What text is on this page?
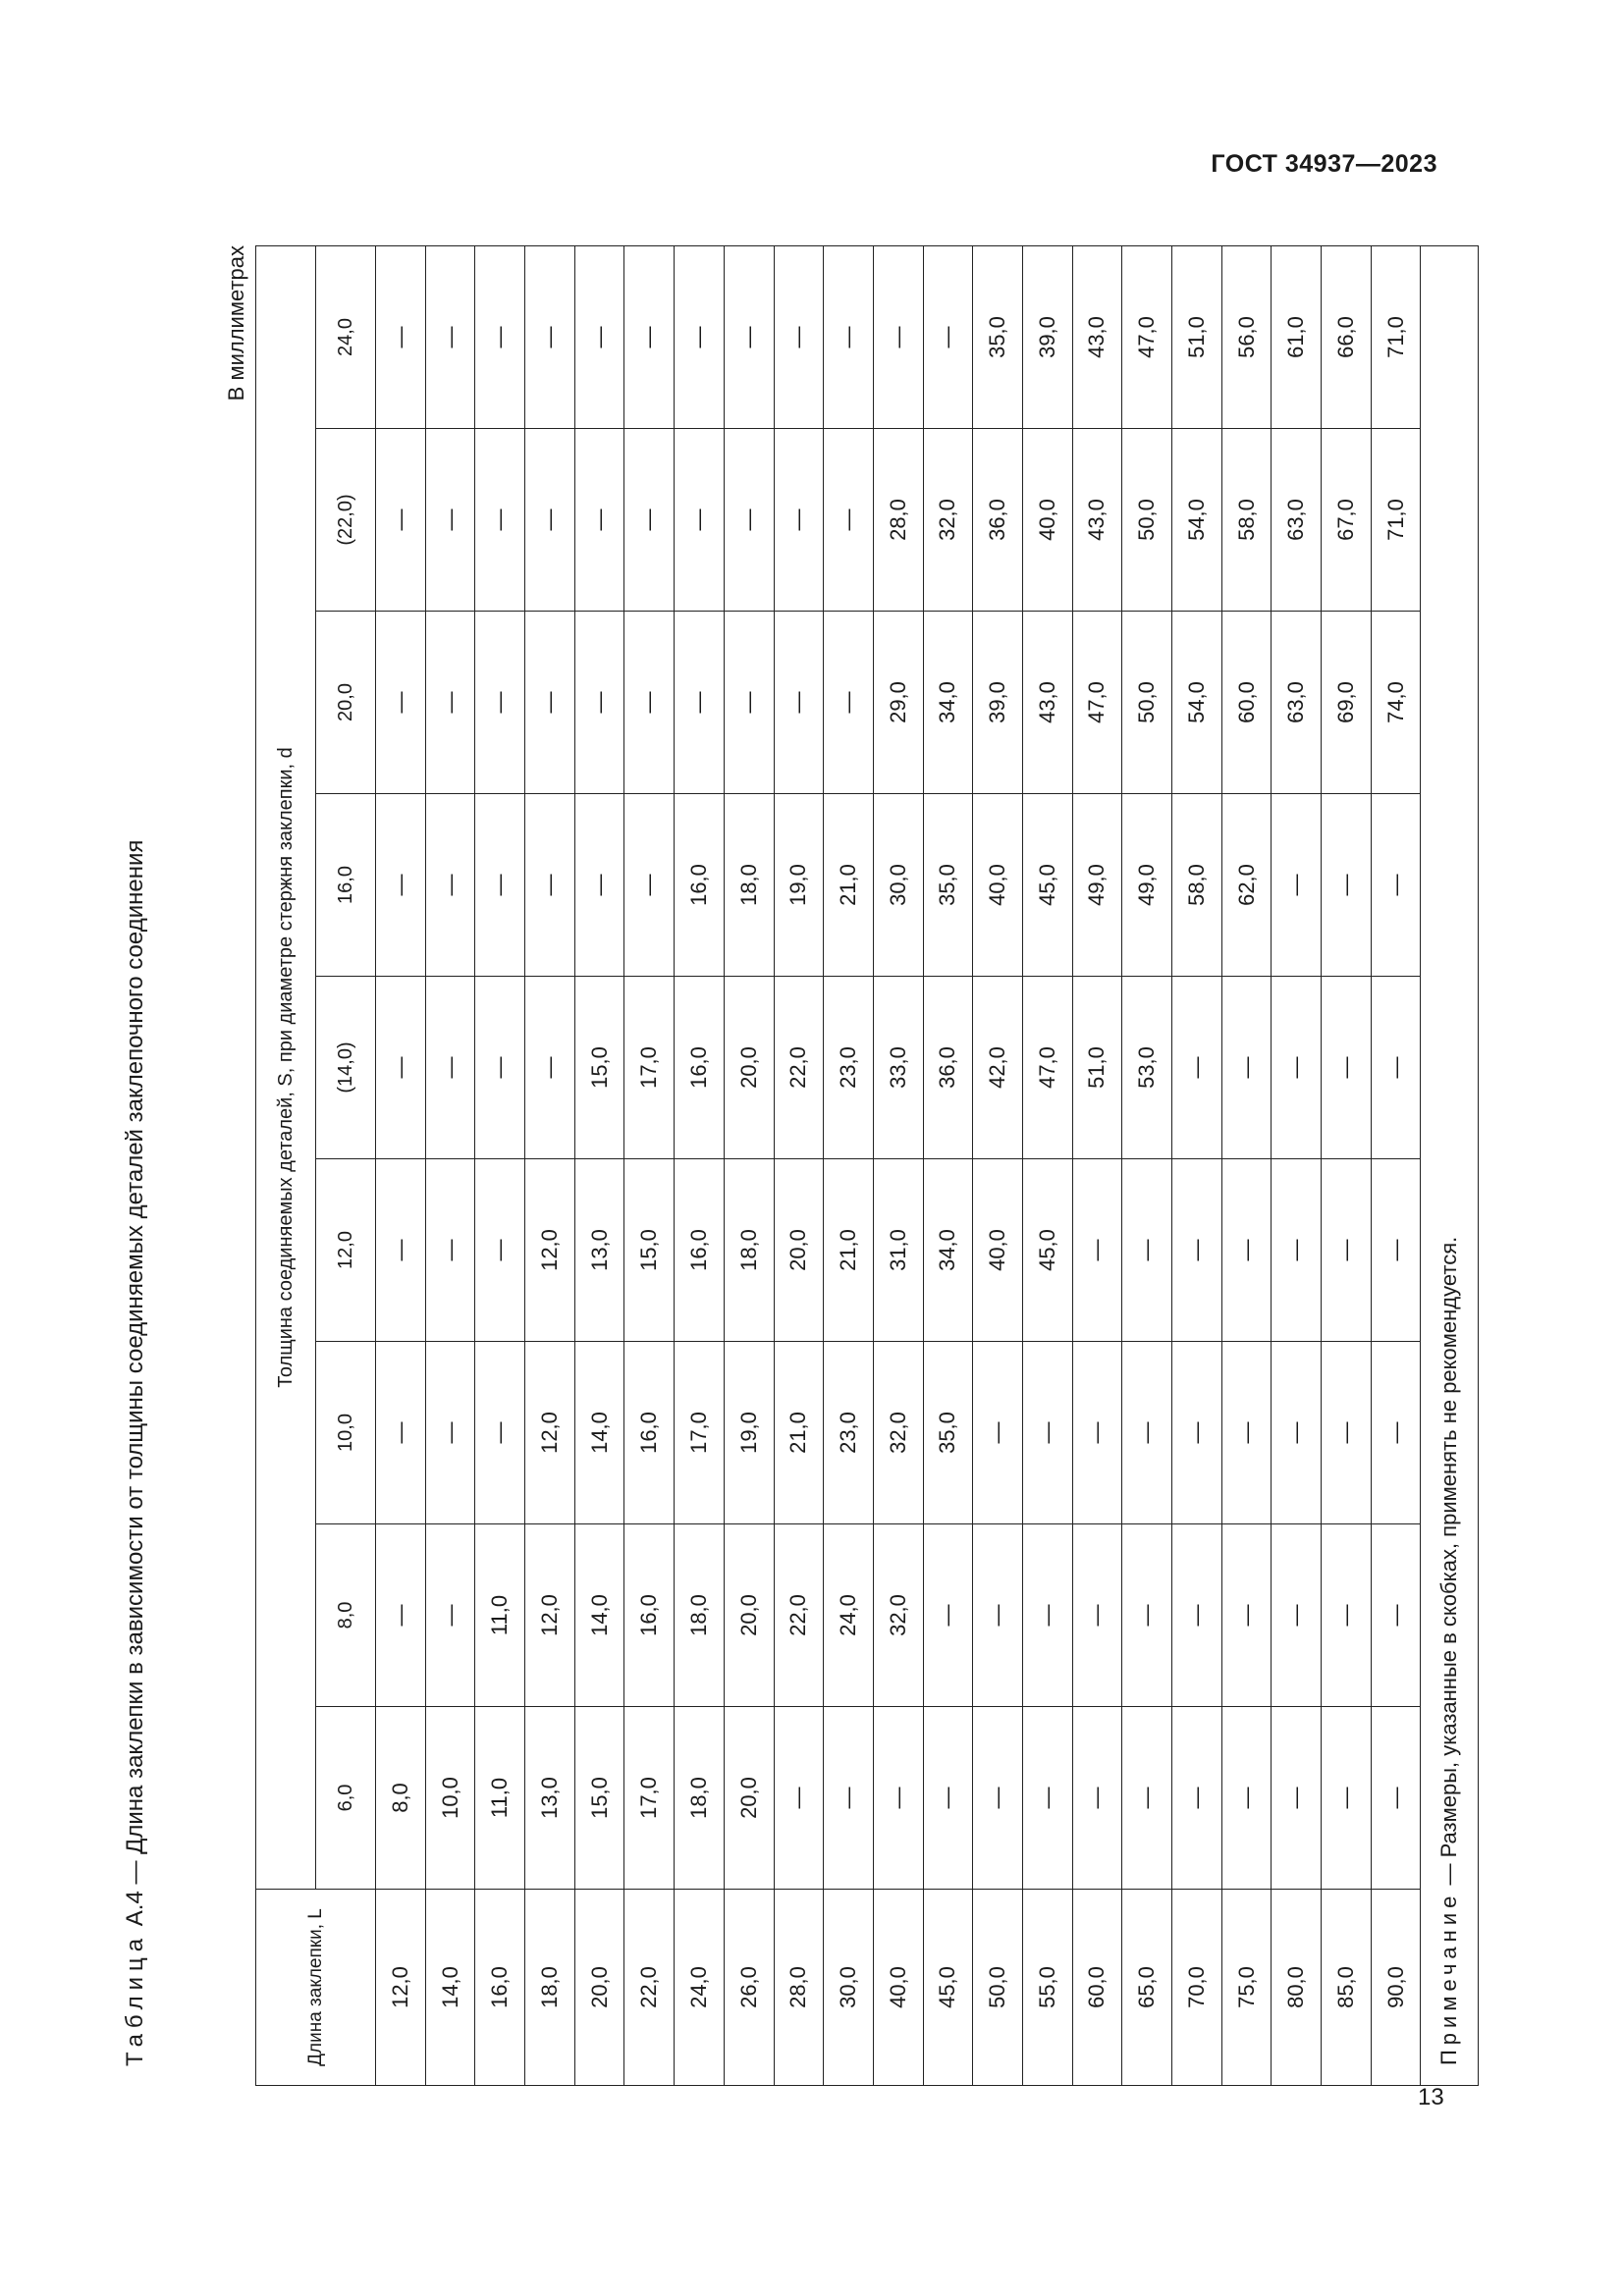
ГОСТ 34937—2023
Таблица А.4 — Длина заклепки в зависимости от толщины соединяемых деталей заклепочного соединения
В миллиметрах
Длина заклепки, L	Толщина соединяемых деталей, S, при диаметре стержня заклепки, d								
	6,0	8,0	10,0	12,0	(14,0)	16,0	20,0	(22,0)	24,0
12,0	8,0	—	—	—	—	—	—	—	—
14,0	10,0	—	—	—	—	—	—	—	—
16,0	11,0	11,0	—	—	—	—	—	—	—
18,0	13,0	12,0	12,0	12,0	—	—	—	—	—
20,0	15,0	14,0	14,0	13,0	15,0	—	—	—	—
22,0	17,0	16,0	16,0	15,0	17,0	—	—	—	—
24,0	18,0	18,0	17,0	16,0	16,0	16,0	—	—	—
26,0	20,0	20,0	19,0	18,0	20,0	18,0	—	—	—
28,0	—	22,0	21,0	20,0	22,0	19,0	—	—	—
30,0	—	24,0	23,0	21,0	23,0	21,0	—	—	—
40,0	—	32,0	32,0	31,0	33,0	30,0	29,0	28,0	—
45,0	—	—	35,0	34,0	36,0	35,0	34,0	32,0	—
50,0	—	—	—	40,0	42,0	40,0	39,0	36,0	35,0
55,0	—	—	—	45,0	47,0	45,0	43,0	40,0	39,0
60,0	—	—	—	—	51,0	49,0	47,0	43,0	43,0
65,0	—	—	—	—	53,0	49,0	50,0	50,0	47,0
70,0	—	—	—	—	—	58,0	54,0	54,0	51,0
75,0	—	—	—	—	—	62,0	60,0	58,0	56,0
80,0	—	—	—	—	—	—	63,0	63,0	61,0
85,0	—	—	—	—	—	—	69,0	67,0	66,0
90,0	—	—	—	—	—	—	74,0	71,0	71,0
Примечание — Размеры, указанные в скобках, применять не рекомендуется.									
13
